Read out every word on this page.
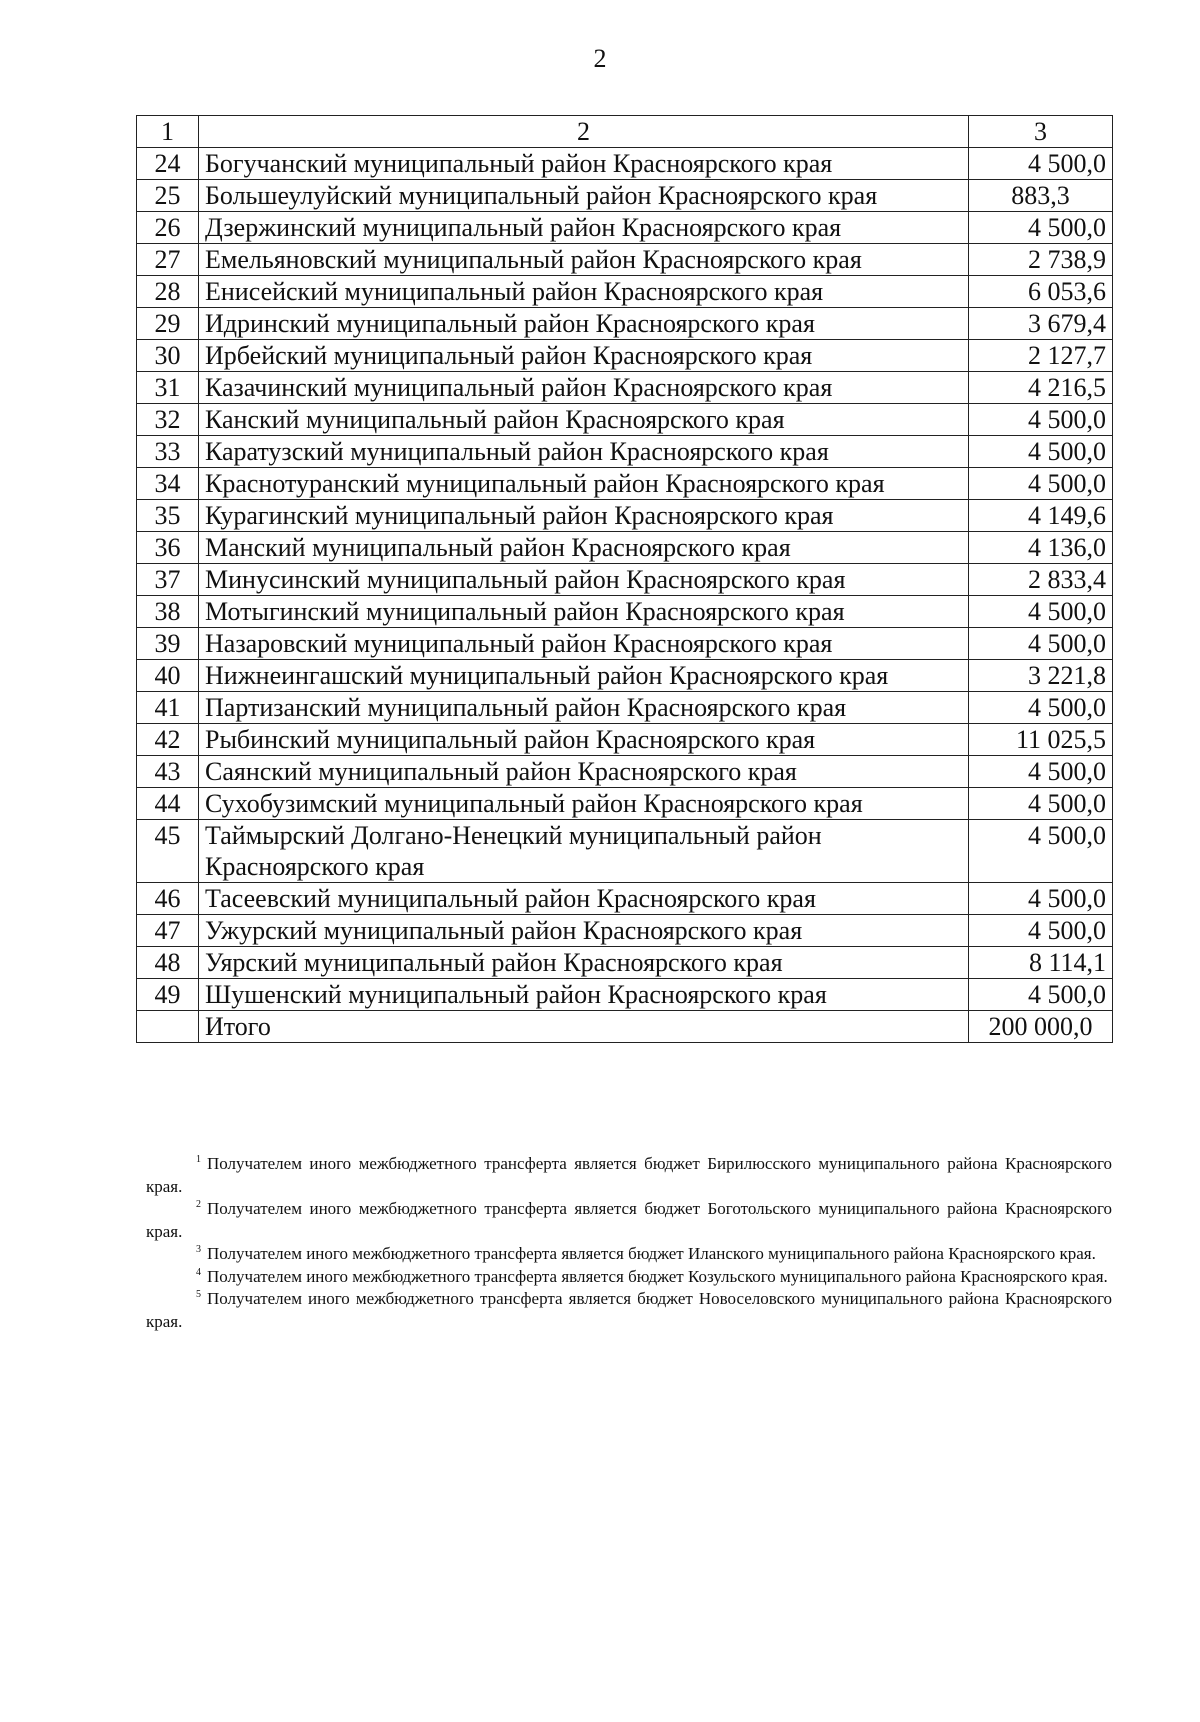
2
1	2	3
24	Богучанский муниципальный район Красноярского края	4 500,0
25	Большеулуйский муниципальный район Красноярского края	883,3
26	Дзержинский муниципальный район Красноярского края	4 500,0
27	Емельяновский муниципальный район Красноярского края	2 738,9
28	Енисейский муниципальный район Красноярского края	6 053,6
29	Идринский муниципальный район Красноярского края	3 679,4
30	Ирбейский муниципальный район Красноярского края	2 127,7
31	Казачинский муниципальный район Красноярского края	4 216,5
32	Канский муниципальный район Красноярского края	4 500,0
33	Каратузский муниципальный район Красноярского края	4 500,0
34	Краснотуранский муниципальный район Красноярского края	4 500,0
35	Курагинский муниципальный район Красноярского края	4 149,6
36	Манский муниципальный район Красноярского края	4 136,0
37	Минусинский муниципальный район Красноярского края	2 833,4
38	Мотыгинский муниципальный район Красноярского края	4 500,0
39	Назаровский муниципальный район Красноярского края	4 500,0
40	Нижнеингашский муниципальный район Красноярского края	3 221,8
41	Партизанский муниципальный район Красноярского края	4 500,0
42	Рыбинский муниципальный район Красноярского края	11 025,5
43	Саянский муниципальный район Красноярского края	4 500,0
44	Сухобузимский муниципальный район Красноярского края	4 500,0
45	Таймырский Долгано-Ненецкий муниципальный район Красноярского края	4 500,0
46	Тасеевский муниципальный район Красноярского края	4 500,0
47	Ужурский муниципальный район Красноярского края	4 500,0
48	Уярский муниципальный район Красноярского края	8 114,1
49	Шушенский муниципальный район Красноярского края	4 500,0
	Итого	200 000,0
$^1$ Получателем иного межбюджетного трансферта является бюджет Бирилюсского муниципального района Красноярского края.
$^2$ Получателем иного межбюджетного трансферта является бюджет Боготольского муниципального района Красноярского края.
$^3$ Получателем иного межбюджетного трансферта является бюджет Иланского муниципального района Красноярского края.
$^4$ Получателем иного межбюджетного трансферта является бюджет Козульского муниципального района Красноярского края.
$^5$ Получателем иного межбюджетного трансферта является бюджет Новоселовского муниципального района Красноярского края.
